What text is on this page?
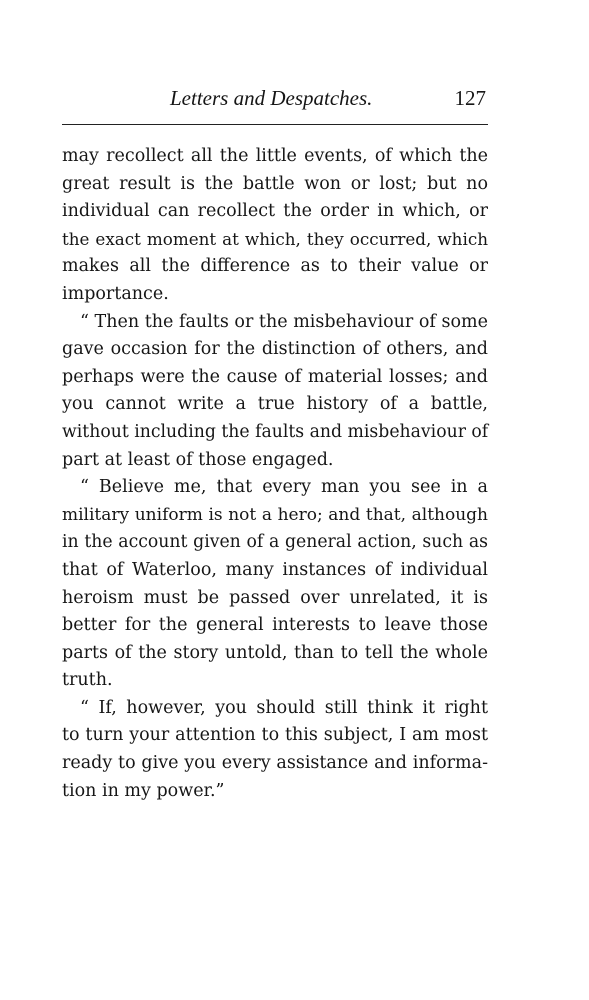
Letters and Despatches.	127
may recollect all the little events, of which the
great result is the battle won or lost; but no
individual can recollect the order in which, or
the exact moment at which, they occurred, which
makes all the difference as to their value or
importance.
“ Then the faults or the misbehaviour of some
gave occasion for the distinction of others, and
perhaps were the cause of material losses; and
you cannot write a true history of a battle,
without including the faults and misbehaviour of
part at least of those engaged.
“ Believe me, that every man you see in a
military uniform is not a hero; and that, although
in the account given of a general action, such as
that of Waterloo, many instances of individual
heroism must be passed over unrelated, it is
better for the general interests to leave those
parts of the story untold, than to tell the whole
truth.
“ If, however, you should still think it right
to turn your attention to this subject, I am most
ready to give you every assistance and informa-
tion in my power.”
